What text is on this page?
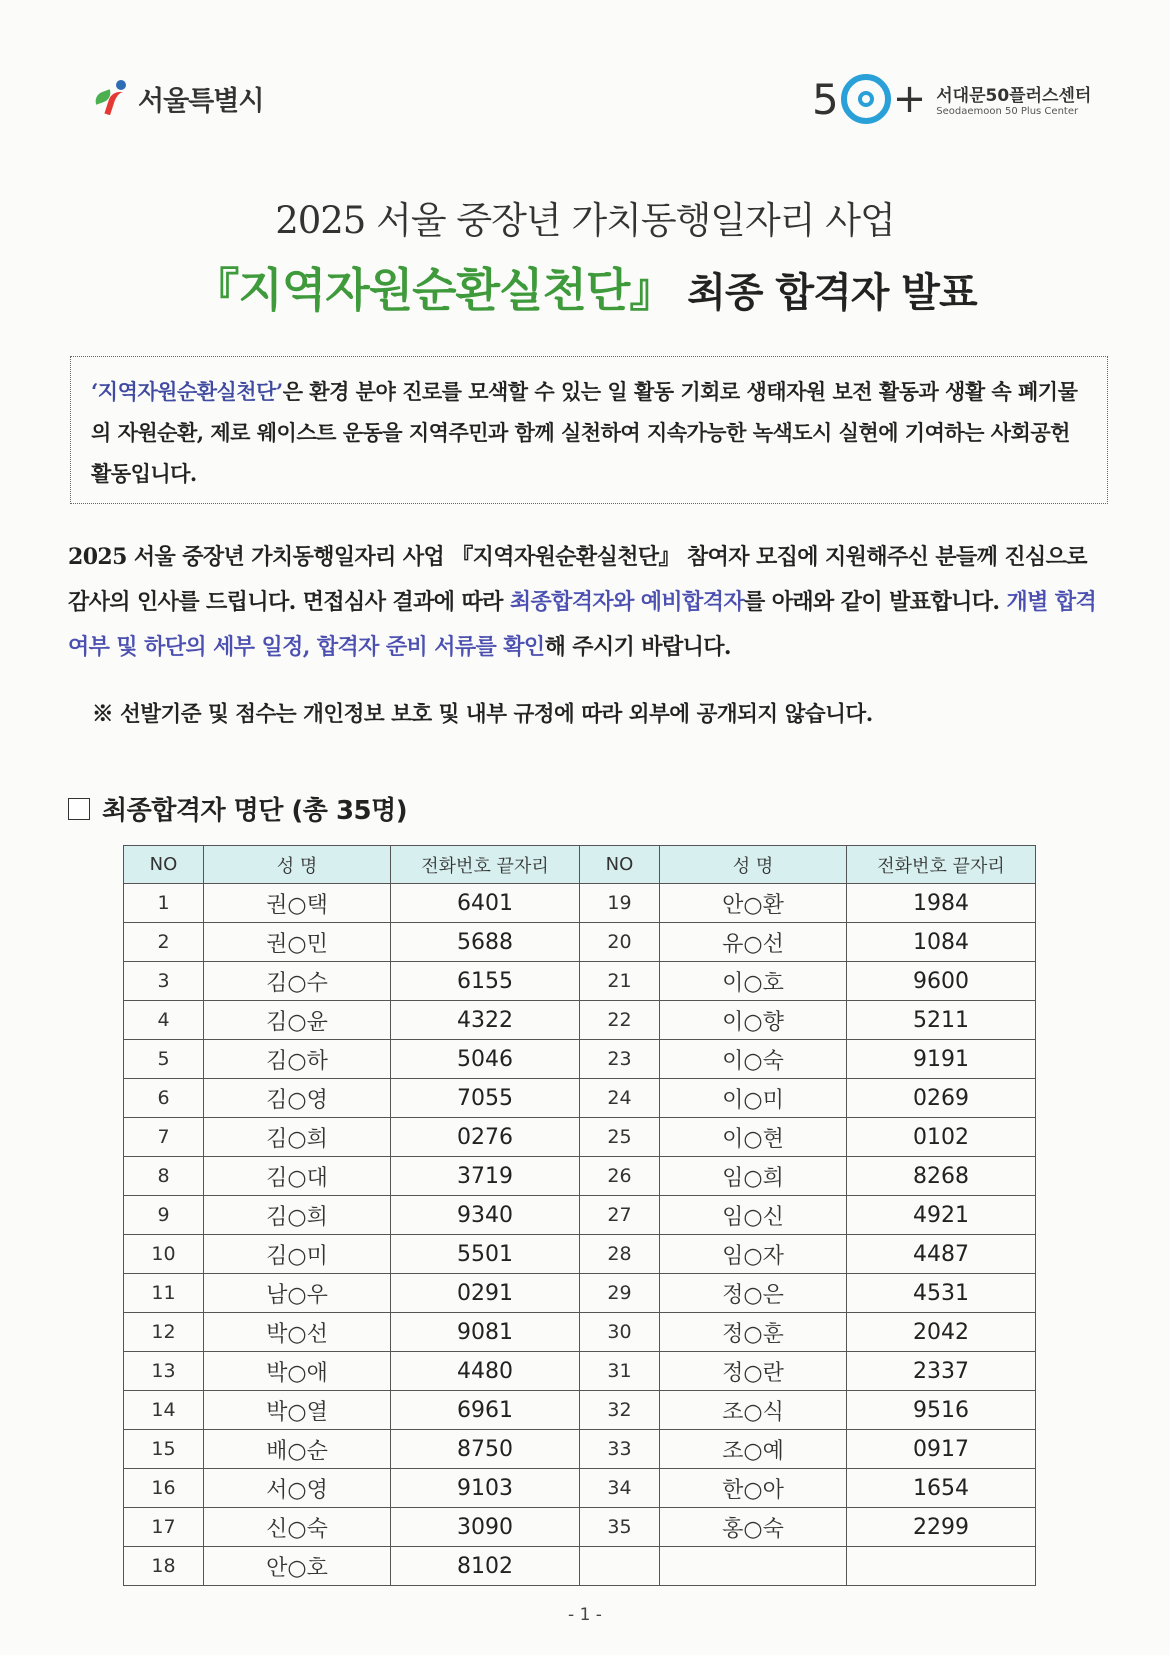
서울특별시	5 + 서대문50플러스센터
Seodaemoon 50 Plus Center
2025 서울 중장년 가치동행일자리 사업
『지역자원순환실천단』 최종 합격자 발표
‘지역자원순환실천단’은 환경 분야 진로를 모색할 수 있는 일 활동 기회로 생태자원 보전 활동과 생활 속 폐기물의 자원순환, 제로 웨이스트 운동을 지역주민과 함께 실천하여 지속가능한 녹색도시 실현에 기여하는 사회공헌활동입니다.
2025 서울 중장년 가치동행일자리 사업 『지역자원순환실천단』 참여자 모집에 지원해주신 분들께 진심으로 감사의 인사를 드립니다. 면접심사 결과에 따라 최종합격자와 예비합격자를 아래와 같이 발표합니다. 개별 합격 여부 및 하단의 세부 일정, 합격자 준비 서류를 확인해 주시기 바랍니다.
※ 선발기준 및 점수는 개인정보 보호 및 내부 규정에 따라 외부에 공개되지 않습니다.
최종합격자 명단 (총 35명)
NO	성 명	전화번호 끝자리	NO	성 명	전화번호 끝자리
1	권○택	6401	19	안○환	1984
2	권○민	5688	20	유○선	1084
3	김○수	6155	21	이○호	9600
4	김○윤	4322	22	이○향	5211
5	김○하	5046	23	이○숙	9191
6	김○영	7055	24	이○미	0269
7	김○희	0276	25	이○현	0102
8	김○대	3719	26	임○희	8268
9	김○희	9340	27	임○신	4921
10	김○미	5501	28	임○자	4487
11	남○우	0291	29	정○은	4531
12	박○선	9081	30	정○훈	2042
13	박○애	4480	31	정○란	2337
14	박○열	6961	32	조○식	9516
15	배○순	8750	33	조○예	0917
16	서○영	9103	34	한○아	1654
17	신○숙	3090	35	홍○숙	2299
18	안○호	8102			
- 1 -
